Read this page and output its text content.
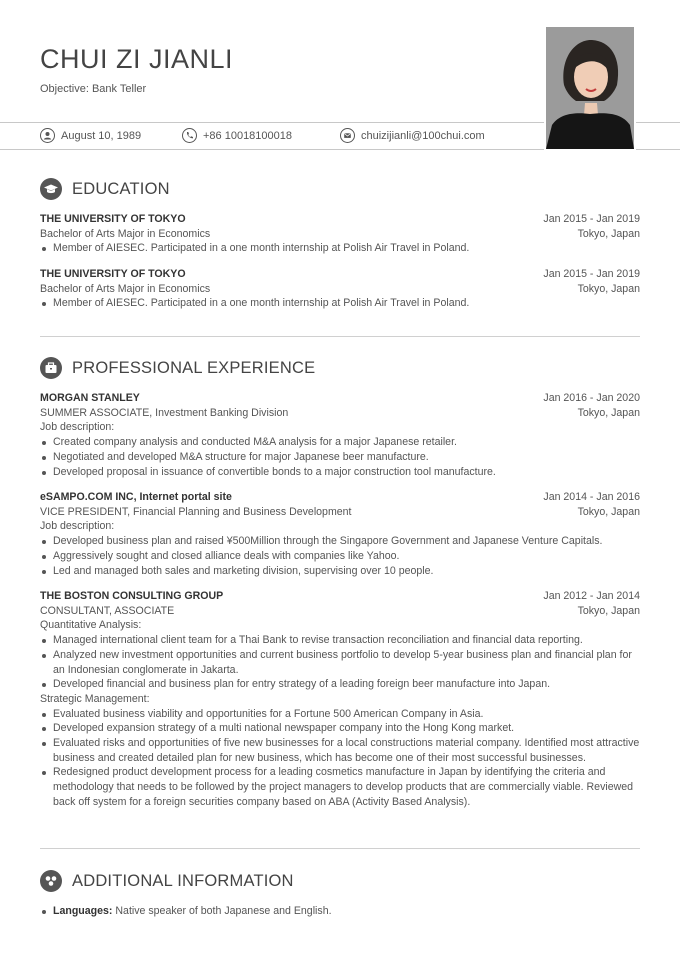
CHUI ZI JIANLI
Objective: Bank Teller
August 10, 1989	+86 10018100018	chuizijianli@100chui.com
EDUCATION
THE UNIVERSITY OF TOKYO	Jan 2015 - Jan 2019
Bachelor of Arts Major in Economics	Tokyo, Japan
Member of AIESEC. Participated in a one month internship at Polish Air Travel in Poland.
THE UNIVERSITY OF TOKYO	Jan 2015 - Jan 2019
Bachelor of Arts Major in Economics	Tokyo, Japan
Member of AIESEC. Participated in a one month internship at Polish Air Travel in Poland.
PROFESSIONAL EXPERIENCE
MORGAN STANLEY	Jan 2016 - Jan 2020
SUMMER ASSOCIATE, Investment Banking Division	Tokyo, Japan
Job description:
Created company analysis and conducted M&A analysis for a major Japanese retailer.
Negotiated and developed M&A structure for major Japanese beer manufacture.
Developed proposal in issuance of convertible bonds to a major construction tool manufacture.
eSAMPO.COM INC, Internet portal site	Jan 2014 - Jan 2016
VICE PRESIDENT, Financial Planning and Business Development	Tokyo, Japan
Job description:
Developed business plan and raised ¥500Million through the Singapore Government and Japanese Venture Capitals.
Aggressively sought and closed alliance deals with companies like Yahoo.
Led and managed both sales and marketing division, supervising over 10 people.
THE BOSTON CONSULTING GROUP	Jan 2012 - Jan 2014
CONSULTANT, ASSOCIATE	Tokyo, Japan
Quantitative Analysis:
Managed international client team for a Thai Bank to revise transaction reconciliation and financial data reporting.
Analyzed new investment opportunities and current business portfolio to develop 5-year business plan and financial plan for an Indonesian conglomerate in Jakarta.
Developed financial and business plan for entry strategy of a leading foreign beer manufacture into Japan.
Strategic Management:
Evaluated business viability and opportunities for a Fortune 500 American Company in Asia.
Developed expansion strategy of a multi national newspaper company into the Hong Kong market.
Evaluated risks and opportunities of five new businesses for a local constructions material company. Identified most attractive business and created detailed plan for new business, which has become one of their most successful businesses.
Redesigned product development process for a leading cosmetics manufacture in Japan by identifying the criteria and methodology that needs to be followed by the project managers to develop products that are commercially viable. Reviewed back off system for a foreign securities company based on ABA (Activity Based Analysis).
ADDITIONAL INFORMATION
Languages: Native speaker of both Japanese and English.
